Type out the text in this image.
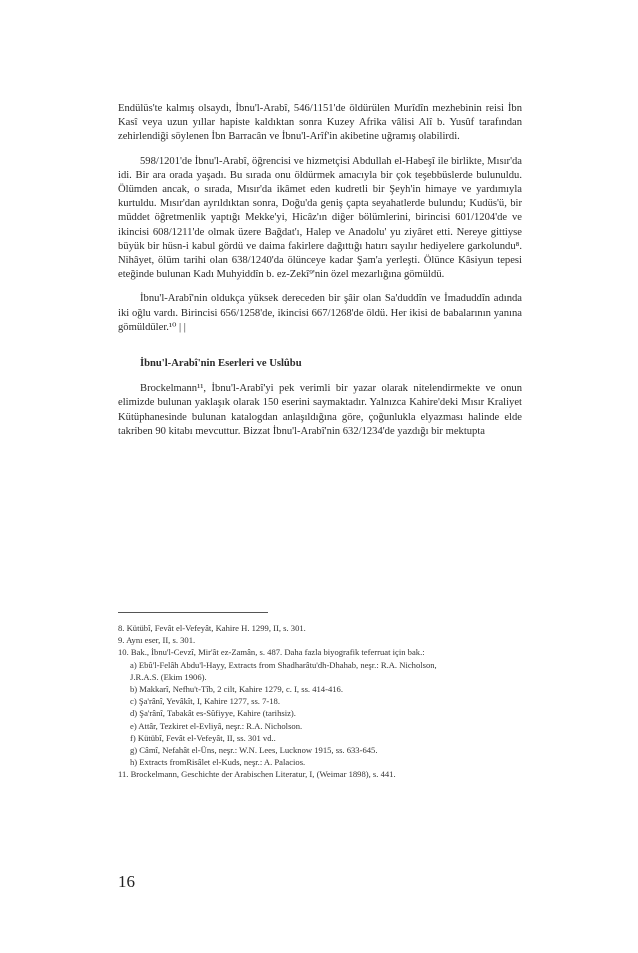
Endülüs'te kalmış olsaydı, İbnu'l-Arabî, 546/1151'de öldürülen Murîdîn mezhebinin reisi İbn Kasî veya uzun yıllar hapiste kaldıktan sonra Kuzey Afrika vâlisi Alî b. Yusûf tarafından zehirlendiği söylenen İbn Barracân ve İbnu'l-Arîf'in akibetine uğramış olabilirdi.

598/1201'de İbnu'l-Arabî, öğrencisi ve hizmetçisi Abdullah el-Habeşî ile birlikte, Mısır'da idi. Bir ara orada yaşadı. Bu sırada onu öldürmek amacıyla bir çok teşebbüslerde bulunuldu. Ölümden ancak, o sırada, Mısır'da ikâmet eden kudretli bir Şeyh'in himaye ve yardımıyla kurtuldu. Mısır'dan ayrıldıktan sonra, Doğu'da geniş çapta seyahatlerde bulundu; Kudüs'ü, bir müddet öğretmenlik yaptığı Mekke'yi, Hicâz'ın diğer bölümlerini, birincisi 601/1204'de ve ikincisi 608/1211'de olmak üzere Bağdat'ı, Halep ve Anadolu' yu ziyâret etti. Nereye gittiyse büyük bir hüsn-i kabul gördü ve daima fakirlere dağıttığı hatırı sayılır hediyelere garkolundu⁸. Nihâyet, ölüm tarihi olan 638/1240'da ölünceye kadar Şam'a yerleşti. Ölünce Kâsiyun tepesi eteğinde bulunan Kadı Muhyiddîn b. ez-Zekî⁹'nin özel mezarlığına gömüldü.

İbnu'l-Arabî'nin oldukça yüksek dereceden bir şâir olan Sa'duddîn ve İmaduddîn adında iki oğlu vardı. Birincisi 656/1258'de, ikincisi 667/1268'de öldü. Her ikisi de babalarının yanına gömüldüler.¹⁰ | |

İbnu'l-Arabî'nin Eserleri ve Uslûbu

Brockelmann¹¹, İbnu'l-Arabî'yi pek verimli bir yazar olarak nitelendirmekte ve onun elimizde bulunan yaklaşık olarak 150 eserini saymaktadır. Yalnızca Kahire'deki Mısır Kraliyet Kütüphanesinde bulunan katalogdan anlaşıldığına göre, çoğunlukla elyazması halinde elde takriben 90 kitabı mevcuttur. Bizzat İbnu'l-Arabî'nin 632/1234'de yazdığı bir mektupta

8. Kütübî, Fevât el-Vefeyât, Kahire H. 1299, II, s. 301.
9. Aynı eser, II, s. 301.
10. Bak., İbnu'l-Cevzî, Mir'ât ez-Zamân, s. 487. Daha fazla biyografik teferruat için bak.:
a) Ebû'l-Felâh Abdu'l-Hayy, Extracts from Shadharâtu'dh-Dhahab, neşr.: R.A. Nicholson,
J.R.A.S. (Ekim 1906).
b) Makkarî, Nefhu't-Tîb, 2 cilt, Kahire 1279, c. I, ss. 414-416.
c) Şa'rânî, Yevâkît, I, Kahire 1277, ss. 7-18.
d) Şa'rânî, Tabakât es-Sûfiyye, Kahire (tarihsiz).
e) Attâr, Tezkiret el-Evliyâ, neşr.: R.A. Nicholson.
f) Kütübî, Fevât el-Vefeyât, II, ss. 301 vd..
g) Câmî, Nefahât el-Üns, neşr.: W.N. Lees, Lucknow 1915, ss. 633-645.
h) Extracts fromRisâlet el-Kuds, neşr.: A. Palacios.
11. Brockelmann, Geschichte der Arabischen Literatur, I, (Weimar 1898), s. 441.
16
